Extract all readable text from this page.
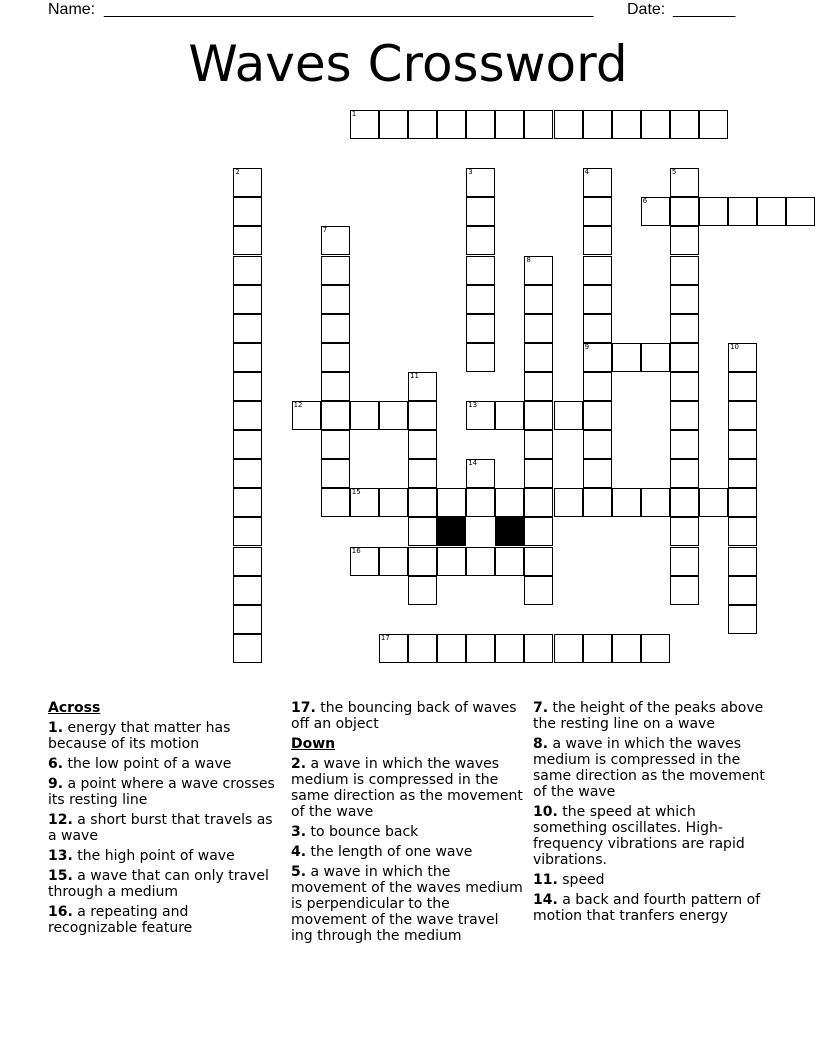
Name: _______________________________________________________ Date: _______
Waves Crossword
1
2	3	4
9
5
6
7
8
10
11
12	13
14
15
16
17
Across
1. energy that matter has because of its motion
6. the low point of a wave
9. a point where a wave crosses its resting line
12. a short burst that travels as a wave
13. the high point of wave
15. a wave that can only travel through a medium
16. a repeating and recognizable feature
17. the bouncing back of waves off an object
Down
2. a wave in which the waves medium is compressed in the same direction as the movement of the wave
3. to bounce back
4. the length of one wave
5. a wave in which the movement of the waves medium is perpendicular to the movement of the wave travel ing through the medium
7. the height of the peaks above the resting line on a wave
8. a wave in which the waves medium is compressed in the same direction as the movement of the wave
10. the speed at which something oscillates. High-frequency vibrations are rapid vibrations.
11. speed
14. a back and fourth pattern of motion that tranfers energy
